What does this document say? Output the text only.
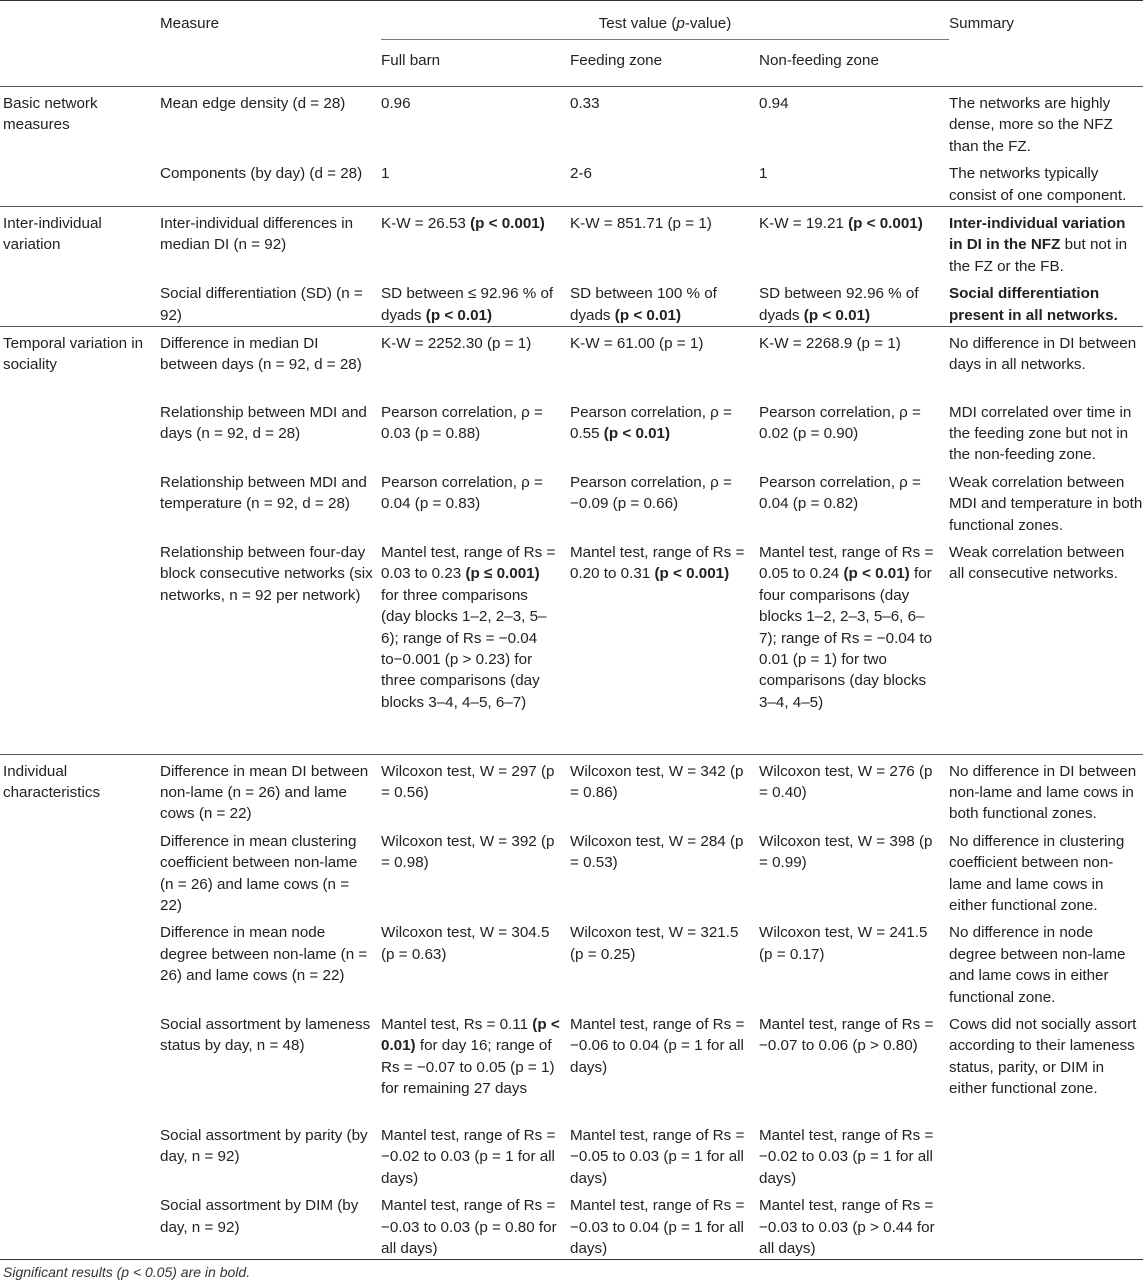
	Measure	Test value (p-value)			Summary
		Full barn	Feeding zone	Non-feeding zone	
Basic network measures	Mean edge density (d = 28)	0.96	0.33	0.94	The networks are highly dense, more so the NFZ than the FZ.
	Components (by day) (d = 28)	1	2-6	1	The networks typically consist of one component.
Inter-individual variation	Inter-individual differences in median DI (n = 92)	K-W = 26.53 (p < 0.001)	K-W = 851.71 (p = 1)	K-W = 19.21 (p < 0.001)	Inter-individual variation in DI in the NFZ but not in the FZ or the FB.
	Social differentiation (SD) (n = 92)	SD between ≤ 92.96 % of dyads (p < 0.01)	SD between 100 % of dyads (p < 0.01)	SD between 92.96 % of dyads (p < 0.01)	Social differentiation present in all networks.
Temporal variation in sociality	Difference in median DI between days (n = 92, d = 28)	K-W = 2252.30 (p = 1)	K-W = 61.00 (p = 1)	K-W = 2268.9 (p = 1)	No difference in DI between days in all networks.
	Relationship between MDI and days (n = 92, d = 28)	Pearson correlation, ρ = 0.03 (p = 0.88)	Pearson correlation, ρ = 0.55 (p < 0.01)	Pearson correlation, ρ = 0.02 (p = 0.90)	MDI correlated over time in the feeding zone but not in the non-feeding zone.
	Relationship between MDI and temperature (n = 92, d = 28)	Pearson correlation, ρ = 0.04 (p = 0.83)	Pearson correlation, ρ = −0.09 (p = 0.66)	Pearson correlation, ρ = 0.04 (p = 0.82)	Weak correlation between MDI and temperature in both functional zones.
	Relationship between four-day block consecutive networks (six networks, n = 92 per network)	Mantel test, range of Rs = 0.03 to 0.23 (p ≤ 0.001) for three comparisons (day blocks 1–2, 2–3, 5–6); range of Rs = −0.04 to−0.001 (p > 0.23) for three comparisons (day blocks 3–4, 4–5, 6–7)	Mantel test, range of Rs = 0.20 to 0.31 (p < 0.001)	Mantel test, range of Rs = 0.05 to 0.24 (p < 0.01) for four comparisons (day blocks 1–2, 2–3, 5–6, 6–7); range of Rs = −0.04 to 0.01 (p = 1) for two comparisons (day blocks 3–4, 4–5)	Weak correlation between all consecutive networks.
Individual characteristics	Difference in mean DI between non-lame (n = 26) and lame cows (n = 22)	Wilcoxon test, W = 297 (p = 0.56)	Wilcoxon test, W = 342 (p = 0.86)	Wilcoxon test, W = 276 (p = 0.40)	No difference in DI between non-lame and lame cows in both functional zones.
	Difference in mean clustering coefficient between non-lame (n = 26) and lame cows (n = 22)	Wilcoxon test, W = 392 (p = 0.98)	Wilcoxon test, W = 284 (p = 0.53)	Wilcoxon test, W = 398 (p = 0.99)	No difference in clustering coefficient between non-lame and lame cows in either functional zone.
	Difference in mean node degree between non-lame (n = 26) and lame cows (n = 22)	Wilcoxon test, W = 304.5 (p = 0.63)	Wilcoxon test, W = 321.5 (p = 0.25)	Wilcoxon test, W = 241.5 (p = 0.17)	No difference in node degree between non-lame and lame cows in either functional zone.
	Social assortment by lameness status by day, n = 48)	Mantel test, Rs = 0.11 (p < 0.01) for day 16; range of Rs = −0.07 to 0.05 (p = 1) for remaining 27 days	Mantel test, range of Rs = −0.06 to 0.04 (p = 1 for all days)	Mantel test, range of Rs = −0.07 to 0.06 (p > 0.80)	Cows did not socially assort according to their lameness status, parity, or DIM in either functional zone.
	Social assortment by parity (by day, n = 92)	Mantel test, range of Rs = −0.02 to 0.03 (p = 1 for all days)	Mantel test, range of Rs = −0.05 to 0.03 (p = 1 for all days)	Mantel test, range of Rs = −0.02 to 0.03 (p = 1 for all days)	
	Social assortment by DIM (by day, n = 92)	Mantel test, range of Rs = −0.03 to 0.03 (p = 0.80 for all days)	Mantel test, range of Rs = −0.03 to 0.04 (p = 1 for all days)	Mantel test, range of Rs = −0.03 to 0.03 (p > 0.44 for all days)	
Significant results (p < 0.05) are in bold.
